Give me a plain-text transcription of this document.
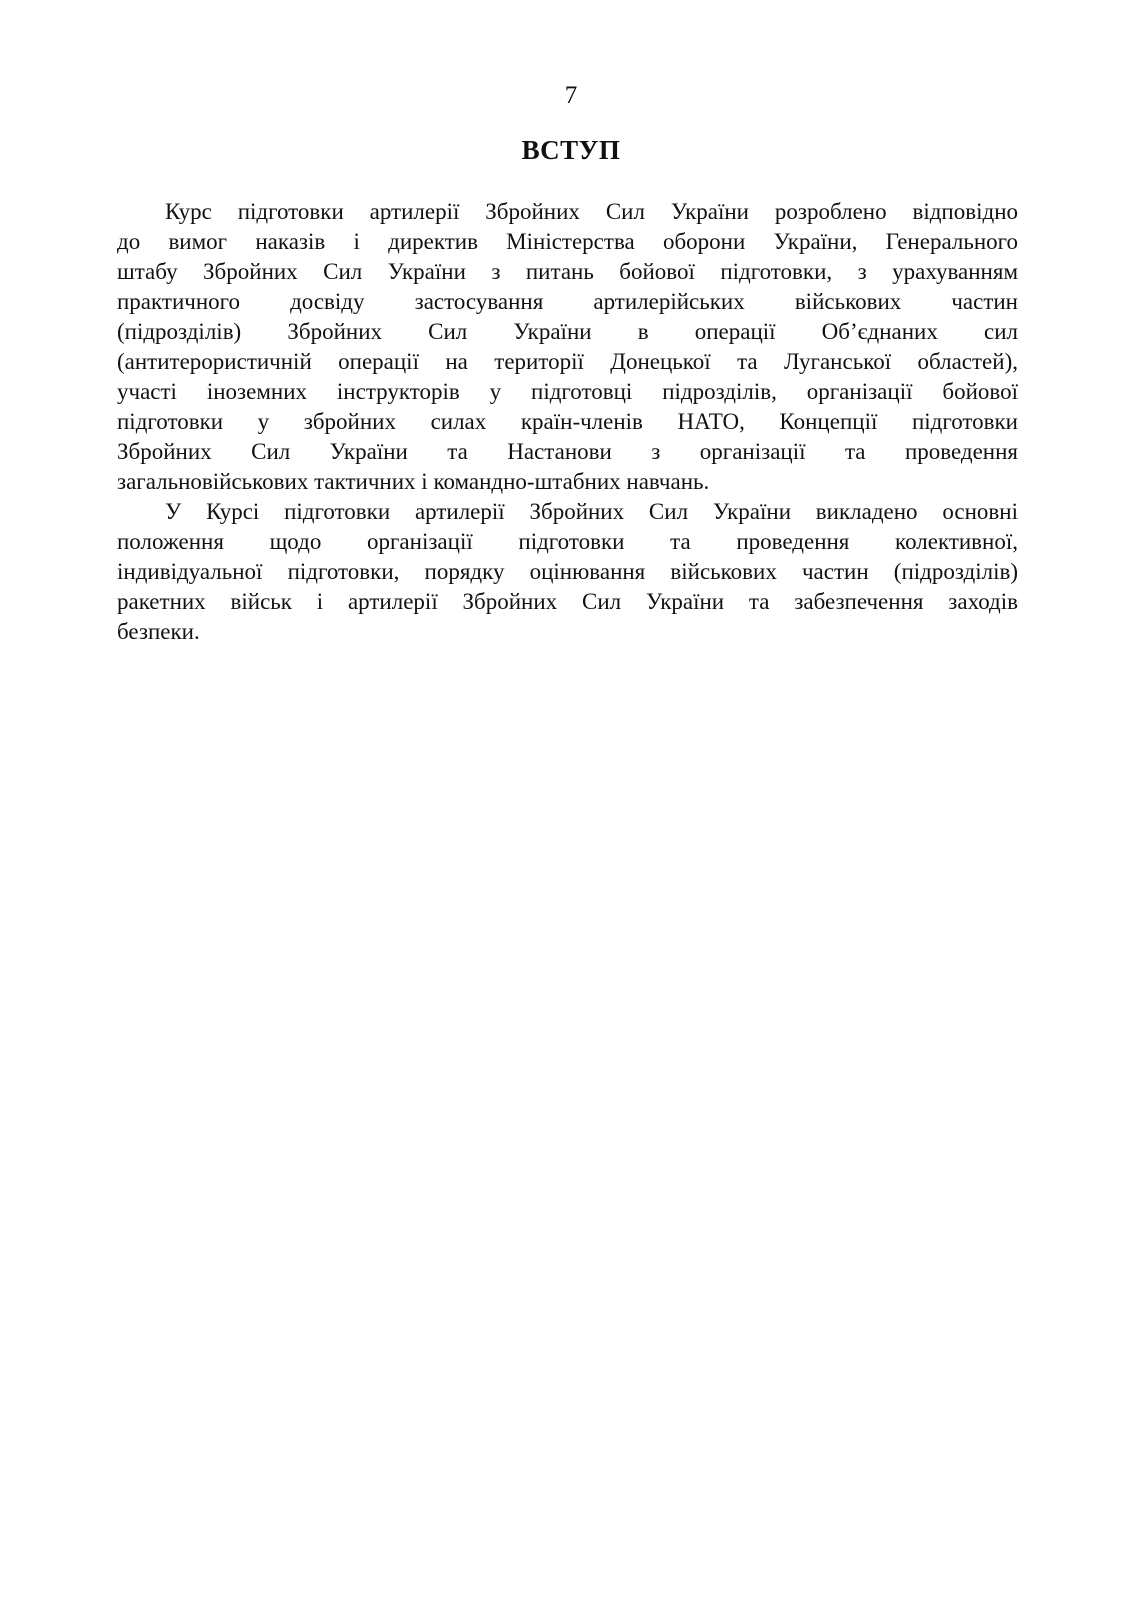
7
ВСТУП
Курс підготовки артилерії Збройних Сил України розроблено відповідно
до вимог наказів і директив Міністерства оборони України, Генерального
штабу Збройних Сил України з питань бойової підготовки, з урахуванням
практичного досвіду застосування артилерійських військових частин
(підрозділів) Збройних Сил України в операції Об’єднаних сил
(антитерористичній операції на території Донецької та Луганської областей),
участі іноземних інструкторів у підготовці підрозділів, організації бойової
підготовки у збройних силах країн-членів НАТО, Концепції підготовки
Збройних Сил України та Настанови з організації та проведення
загальновійськових тактичних і командно-штабних навчань.
У Курсі підготовки артилерії Збройних Сил України викладено основні
положення щодо організації підготовки та проведення колективної,
індивідуальної підготовки, порядку оцінювання військових частин (підрозділів)
ракетних військ і артилерії Збройних Сил України та забезпечення заходів
безпеки.
